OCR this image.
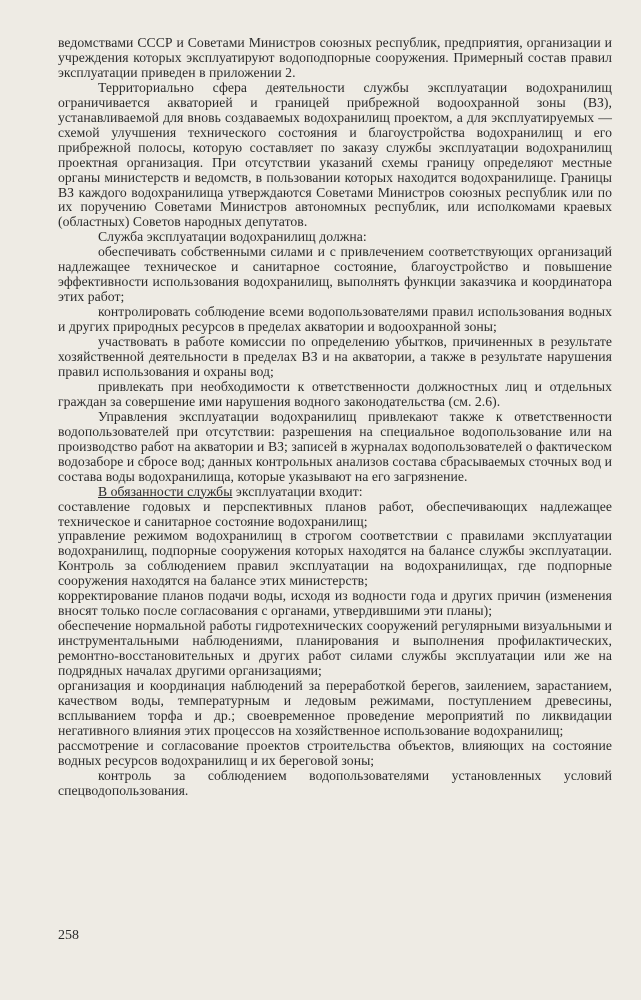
ведомствами СССР и Советами Министров союзных республик, предприятия, организации и учреждения которых эксплуатируют водоподпорные сооружения. Примерный состав правил эксплуатации приведен в приложении 2.

Территориально сфера деятельности службы эксплуатации водохранилищ ограничивается акваторией и границей прибрежной водоохранной зоны (ВЗ), устанавливаемой для вновь создаваемых водохранилищ проектом, а для эксплуатируемых — схемой улучшения технического состояния и благоустройства водохранилищ и его прибрежной полосы, которую составляет по заказу службы эксплуатации водохранилищ проектная организация. При отсутствии указаний схемы границу определяют местные органы министерств и ведомств, в пользовании которых находится водохранилище. Границы ВЗ каждого водохранилища утверждаются Советами Министров союзных республик или по их поручению Советами Министров автономных республик, или исполкомами краевых (областных) Советов народных депутатов.

Служба эксплуатации водохранилищ должна:

обеспечивать собственными силами и с привлечением соответствующих организаций надлежащее техническое и санитарное состояние, благоустройство и повышение эффективности использования водохранилищ, выполнять функции заказчика и координатора этих работ;

контролировать соблюдение всеми водопользователями правил использования водных и других природных ресурсов в пределах акватории и водоохранной зоны;

участвовать в работе комиссии по определению убытков, причиненных в результате хозяйственной деятельности в пределах ВЗ и на акватории, а также в результате нарушения правил использования и охраны вод;

привлекать при необходимости к ответственности должностных лиц и отдельных граждан за совершение ими нарушения водного законодательства (см. 2.6).

Управления эксплуатации водохранилищ привлекают также к ответственности водопользователей при отсутствии: разрешения на специальное водопользование или на производство работ на акватории и ВЗ; записей в журналах водопользователей о фактическом водозаборе и сбросе вод; данных контрольных анализов состава сбрасываемых сточных вод и состава воды водохранилища, которые указывают на его загрязнение.

В обязанности службы эксплуатации входит:

составление годовых и перспективных планов работ, обеспечивающих надлежащее техническое и санитарное состояние водохранилищ;

управление режимом водохранилищ в строгом соответствии с правилами эксплуатации водохранилищ, подпорные сооружения которых находятся на балансе службы эксплуатации. Контроль за соблюдением правил эксплуатации на водохранилищах, где подпорные сооружения находятся на балансе этих министерств;

корректирование планов подачи воды, исходя из водности года и других причин (изменения вносят только после согласования с органами, утвердившими эти планы);

обеспечение нормальной работы гидротехнических сооружений регулярными визуальными и инструментальными наблюдениями, планирования и выполнения профилактических, ремонтно-восстановительных и других работ силами службы эксплуатации или же на подрядных началах другими организациями;

организация и координация наблюдений за переработкой берегов, заилением, зарастанием, качеством воды, температурным и ледовым режимами, поступлением древесины, всплыванием торфа и др.; своевременное проведение мероприятий по ликвидации негативного влияния этих процессов на хозяйственное использование водохранилищ;

рассмотрение и согласование проектов строительства объектов, влияющих на состояние водных ресурсов водохранилищ и их береговой зоны;

контроль за соблюдением водопользователями установленных условий спецводопользования.

258
